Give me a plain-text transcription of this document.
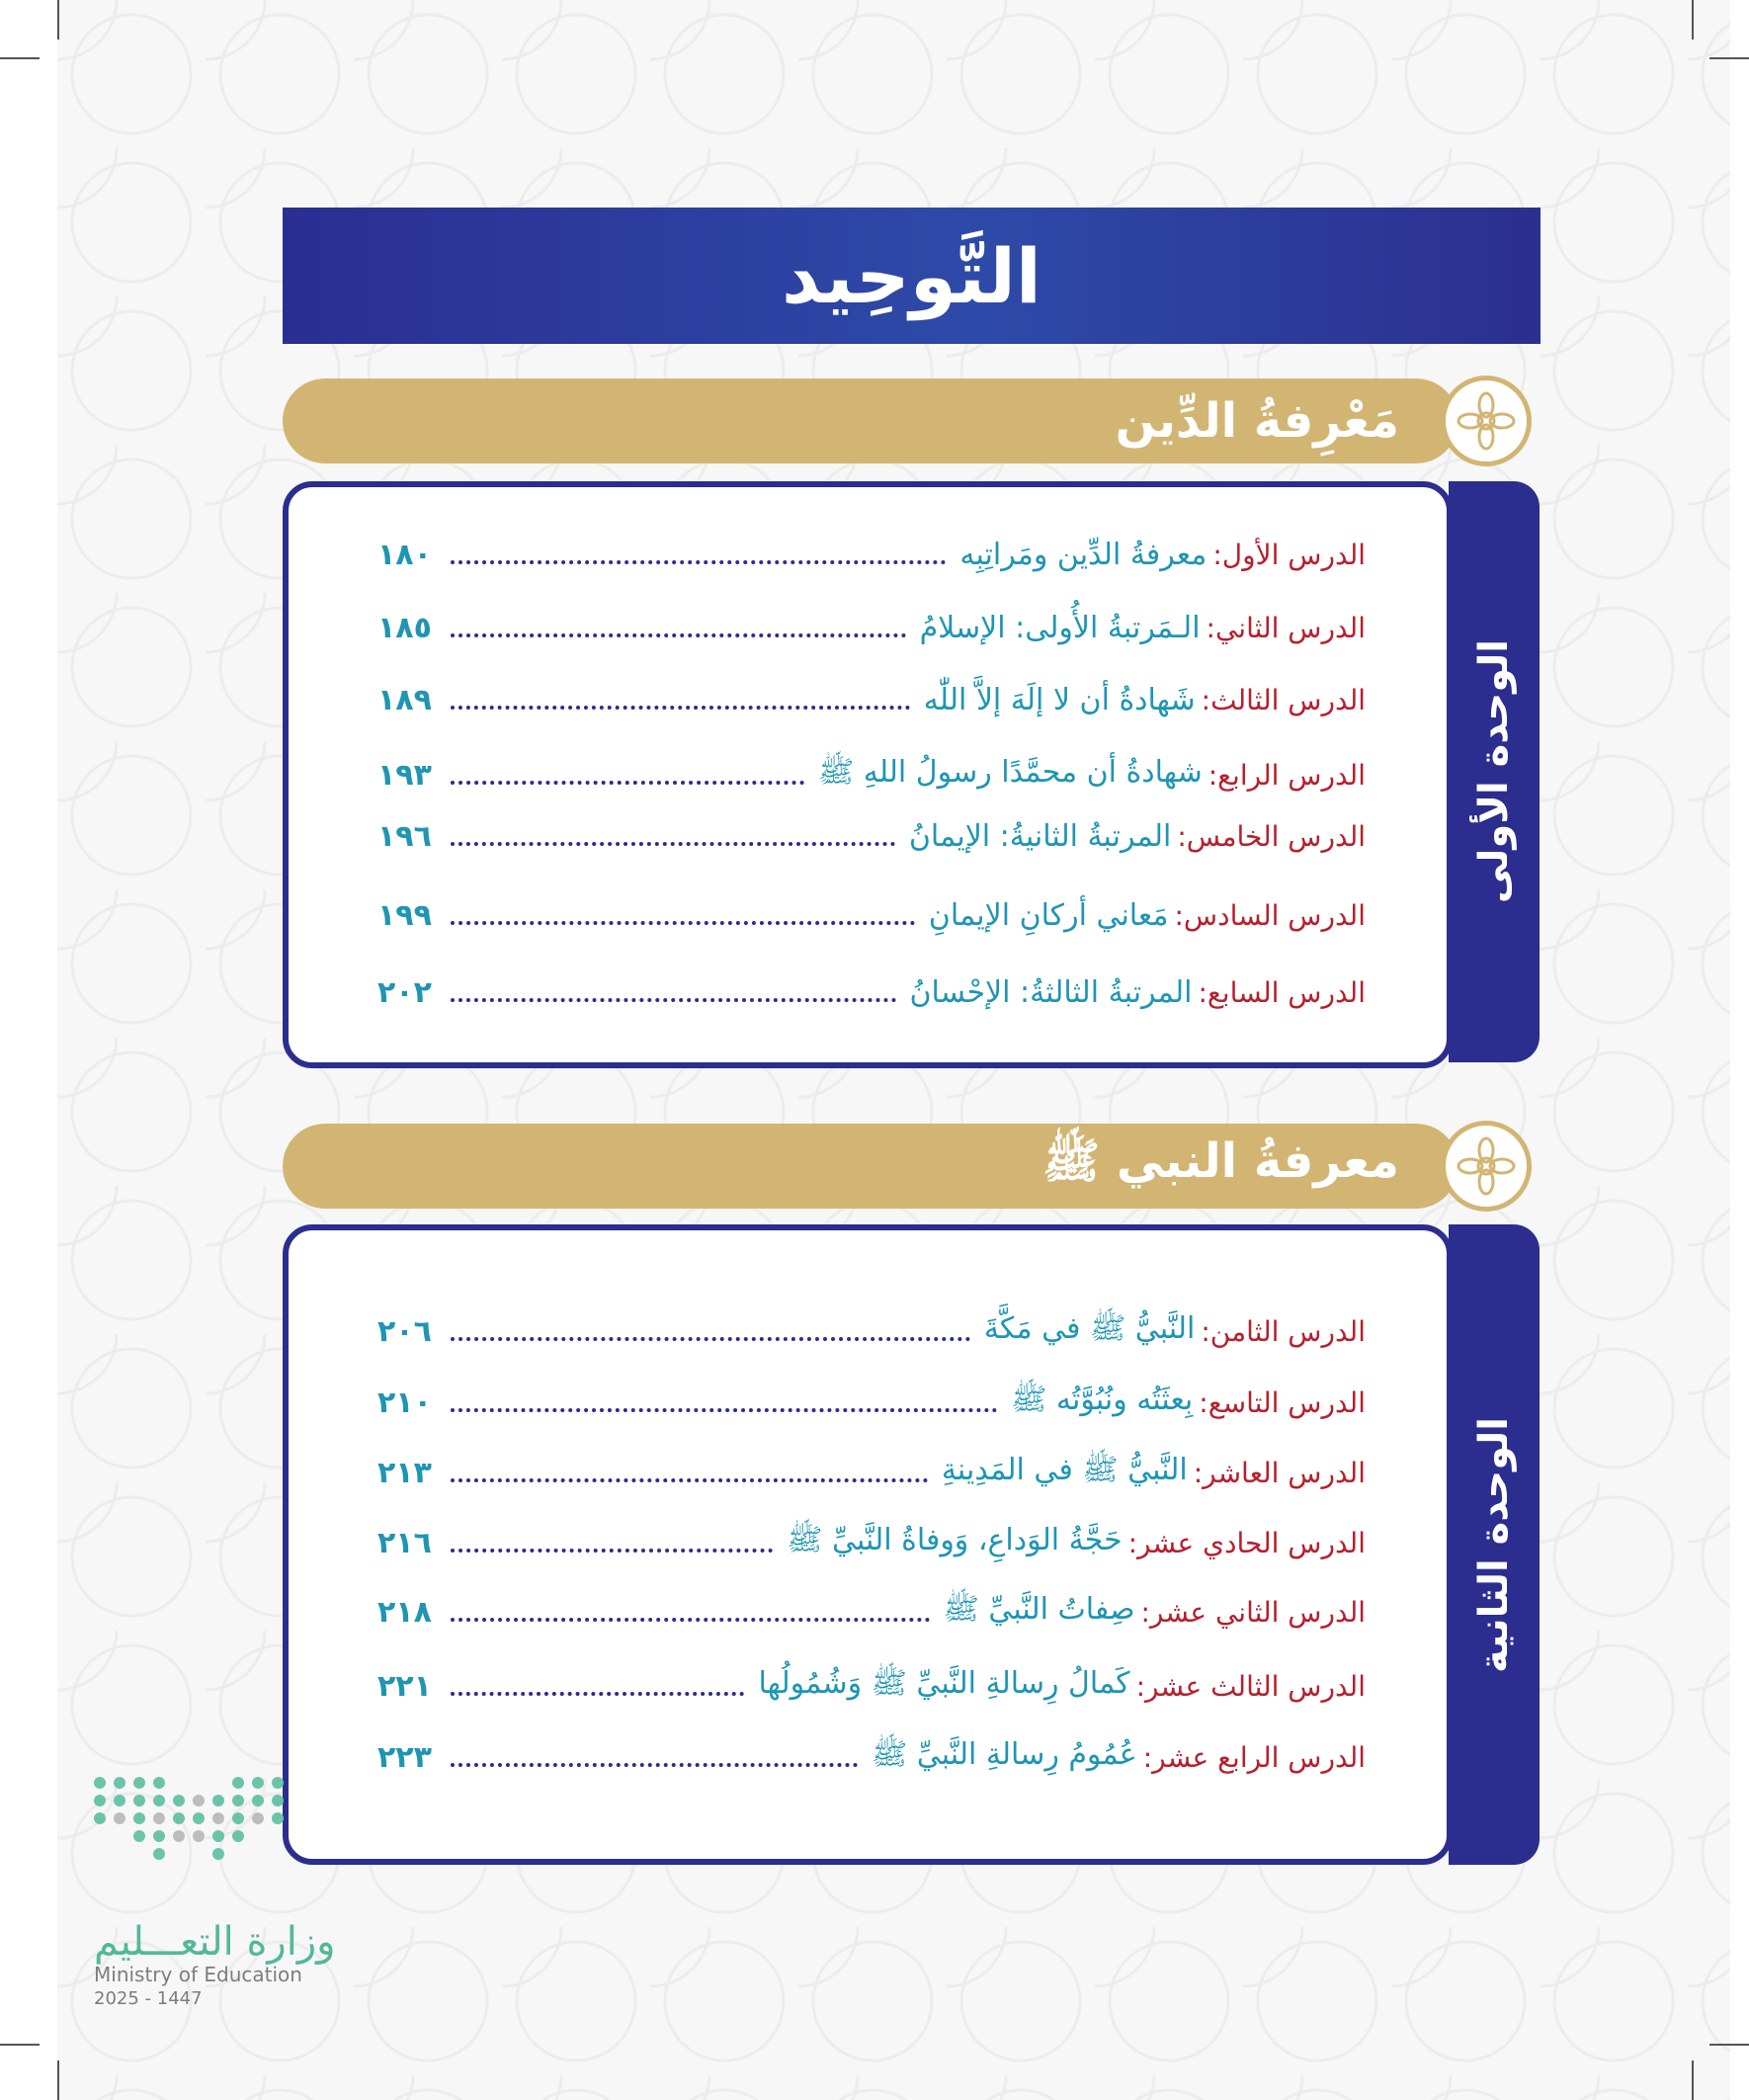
التَّوحِيد
مَعْرِفةُ الدِّين
الوحدة الأولى
الدرس الأول:
معرفةُ الدِّين ومَراتِبِه
١٨٠
الدرس الثاني:
الـمَرتبةُ الأُولى: الإسلامُ
١٨٥
الدرس الثالث:
شَهادةُ أن لا إلَهَ إلاَّ اللّٰه
١٨٩
الدرس الرابع:
شهادةُ أن محمَّدًا رسولُ اللهِ ﷺ
١٩٣
الدرس الخامس:
المرتبةُ الثانيةُ: الإيمانُ
١٩٦
الدرس السادس:
مَعاني أركانِ الإيمانِ
١٩٩
الدرس السابع:
المرتبةُ الثالثةُ: الإحْسانُ
٢٠٢
معرفةُ النبي ﷺ
الوحدة الثانية
الدرس الثامن:
النَّبيُّ ﷺ في مَكَّةَ
٢٠٦
الدرس التاسع:
بِعثَتُه ونُبُوَّتُه ﷺ
٢١٠
الدرس العاشر:
النَّبيُّ ﷺ في المَدِينةِ
٢١٣
الدرس الحادي عشر:
حَجَّةُ الوَداعِ، وَوفاةُ النَّبيِّ ﷺ
٢١٦
الدرس الثاني عشر:
صِفاتُ النَّبيِّ ﷺ
٢١٨
الدرس الثالث عشر:
كَمالُ رِسالةِ النَّبيِّ ﷺ وَشُمُولُها
٢٢١
الدرس الرابع عشر:
عُمُومُ رِسالةِ النَّبيِّ ﷺ
٢٢٣
وزارة التعـــليم
Ministry of Education
2025 - 1447
